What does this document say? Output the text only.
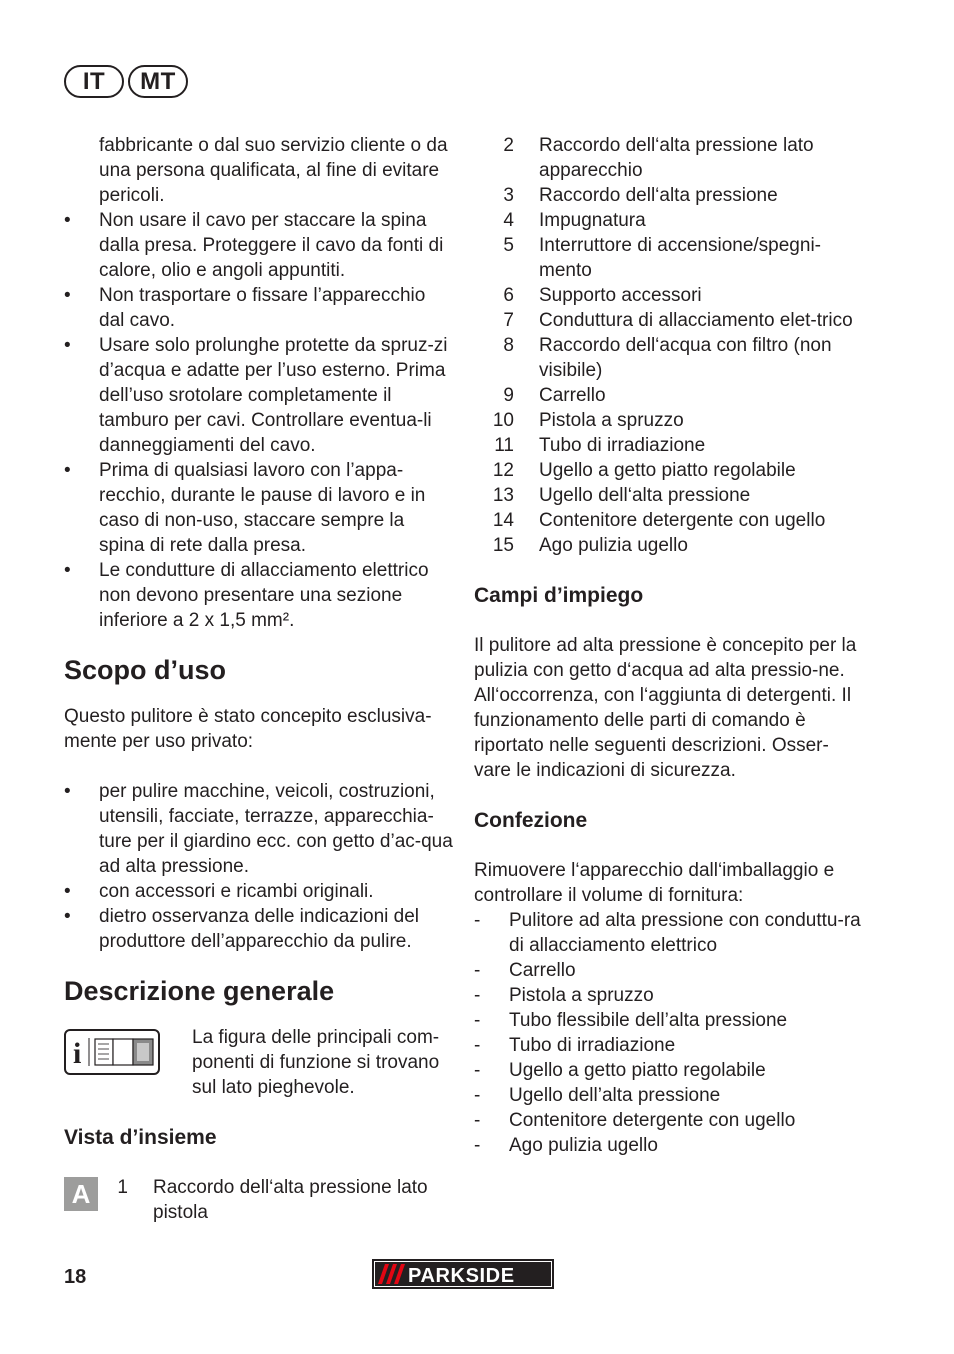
IT	MT

fabbricante o dal suo servizio cliente o da una persona qualificata, al fine di evitare pericoli.

•	Non usare il cavo per staccare la spina dalla presa. Proteggere il cavo da fonti di calore, olio e angoli appuntiti.
•	Non trasportare o fissare l’apparecchio dal cavo.
•	Usare solo prolunghe protette da spruz-zi d’acqua e adatte per l’uso esterno. Prima dell’uso srotolare completamente il tamburo per cavi. Controllare eventua-li danneggiamenti del cavo.
•	Prima di qualsiasi lavoro con l’appa-recchio, durante le pause di lavoro e in caso di non-uso, staccare sempre la spina di rete dalla presa.
•	Le condutture di allacciamento elettrico non devono presentare una sezione inferiore a 2 x 1,5 mm².
Scopo d’uso

Questo pulitore è stato concepito esclusiva-mente per uso privato:

•	per pulire macchine, veicoli, costruzioni, utensili, facciate, terrazze, apparecchia-ture per il giardino ecc. con getto d’ac-qua ad alta pressione.
•	con accessori e ricambi originali.
•	dietro osservanza delle indicazioni del produttore dell’apparecchio da pulire.
Descrizione generale
i	La figura delle principali com-ponenti di funzione si trovano sul lato pieghevole.

Vista d’insieme
A	1	Raccordo dell‘alta pressione lato pistola
2	Raccordo dell‘alta pressione lato apparecchio
3	Raccordo dell‘alta pressione
4	Impugnatura
5	Interruttore di accensione/spegni-mento
6	Supporto accessori
7	Conduttura di allacciamento elet-trico
8	Raccordo dell‘acqua con filtro (non visibile)
9	Carrello
10	Pistola a spruzzo
11	Tubo di irradiazione
12	Ugello a getto piatto regolabile
13	Ugello dell‘alta pressione
14	Contenitore detergente con ugello
15	Ago pulizia ugello
Campi d’impiego

Il pulitore ad alta pressione è concepito per la pulizia con getto d‘acqua ad alta pressio-ne.

All‘occorrenza, con l‘aggiunta di detergenti. Il funzionamento delle parti di comando è riportato nelle seguenti descrizioni. Osser-vare le indicazioni di sicurezza.

Confezione

Rimuovere l‘apparecchio dall‘imballaggio e controllare il volume di fornitura:

-	Pulitore ad alta pressione con conduttu-ra di allacciamento elettrico
-	Carrello
-	Pistola a spruzzo
-	Tubo flessibile dell’alta pressione
-	Tubo di irradiazione
-	Ugello a getto piatto regolabile
-	Ugello dell’alta pressione
-	Contenitore detergente con ugello
-	Ago pulizia ugello
18	PARKSIDE
